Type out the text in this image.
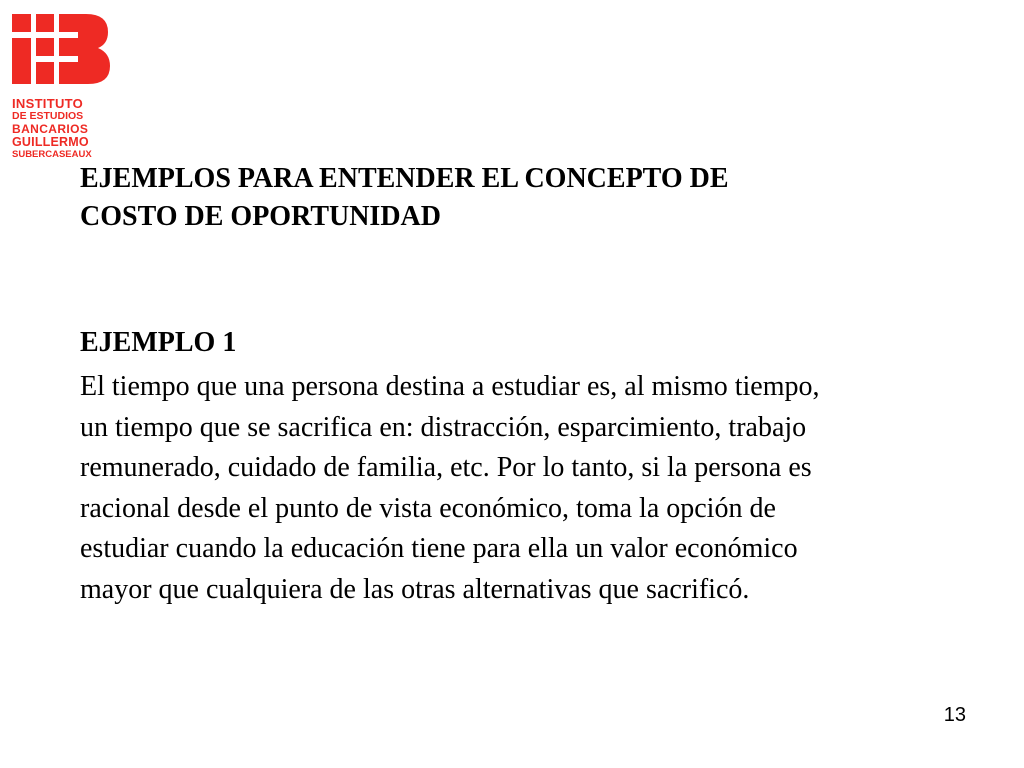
INSTITUTO
DE ESTUDIOS
BANCARIOS
GUILLERMO
SUBERCASEAUX
EJEMPLOS PARA ENTENDER EL CONCEPTO DE
COSTO DE OPORTUNIDAD
EJEMPLO 1

El tiempo que una persona destina a estudiar es, al mismo tiempo,
un tiempo que se sacrifica en: distracción, esparcimiento, trabajo
remunerado, cuidado de familia, etc. Por lo tanto, si la persona es
racional desde el punto de vista económico, toma la opción de
estudiar cuando la educación tiene para ella un valor económico
mayor que cualquiera de las otras alternativas que sacrificó.

13
